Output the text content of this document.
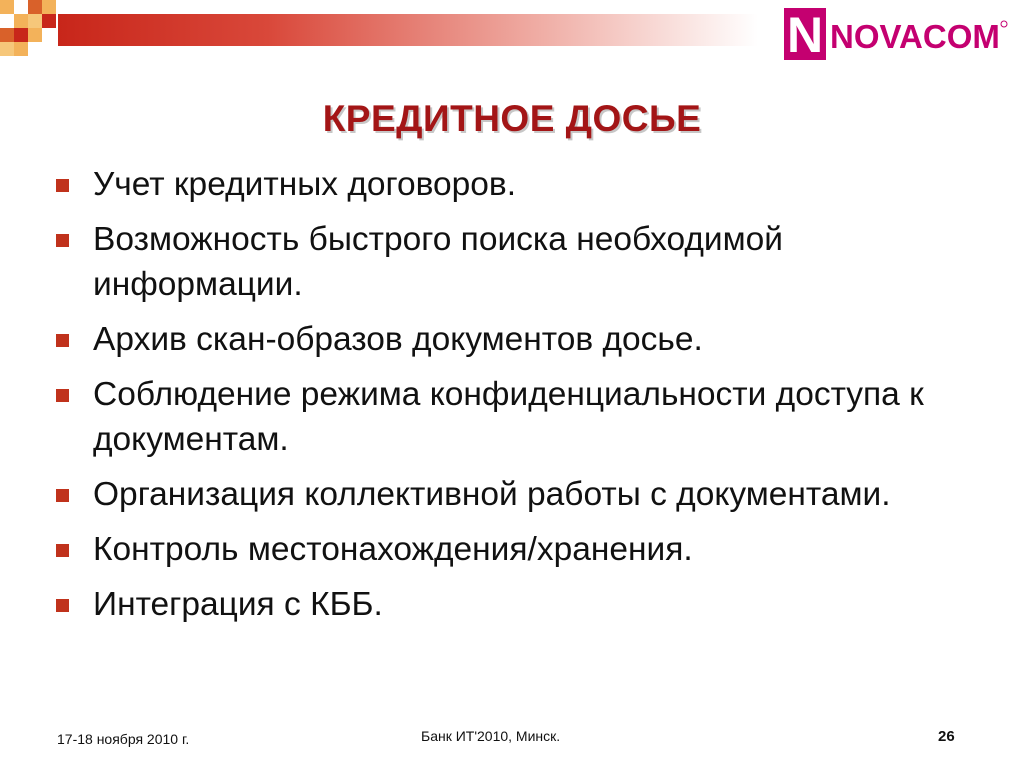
N NOVACOM
КРЕДИТНОЕ ДОСЬЕ
Учет кредитных договоров.
Возможность быстрого поиска необходимой информации.
Архив скан-образов документов досье.
Соблюдение режима конфиденциальности доступа к документам.
Организация коллективной работы с документами.
Контроль местонахождения/хранения.
Интеграция с КББ.
17-18 ноября 2010 г.	Банк ИТ'2010, Минск.	26
